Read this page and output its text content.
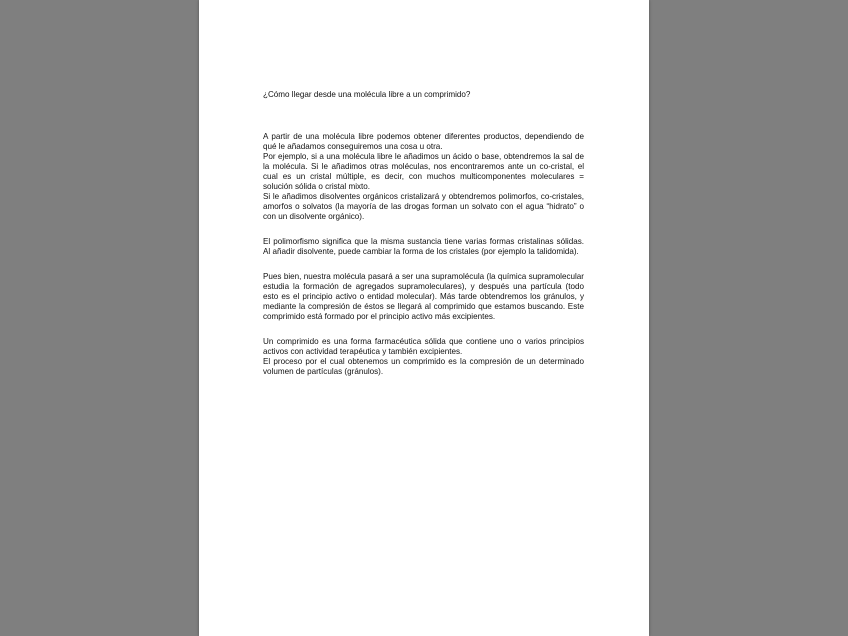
¿Cómo llegar desde una molécula libre a un comprimido?

A partir de una molécula libre podemos obtener diferentes productos, dependiendo de qué le añadamos conseguiremos una cosa u otra.
Por ejemplo, si a una molécula libre le añadimos un ácido o base, obtendremos la sal de la molécula. Si le añadimos otras moléculas, nos encontraremos ante un co-cristal, el cual es un cristal múltiple, es decir, con muchos multicomponentes moleculares = solución sólida o cristal mixto.
Si le añadimos disolventes orgánicos cristalizará y obtendremos polimorfos, co-cristales, amorfos o solvatos (la mayoría de las drogas forman un solvato con el agua “hidrato” o con un disolvente orgánico).
El polimorfismo significa que la misma sustancia tiene varias formas cristalinas sólidas. Al añadir disolvente, puede cambiar la forma de los cristales (por ejemplo la talidomida).
Pues bien, nuestra molécula pasará a ser una supramolécula (la química supramolecular estudia la formación de agregados supramoleculares), y después una partícula (todo esto es el principio activo o entidad molecular). Más tarde obtendremos los gránulos, y mediante la compresión de éstos se llegará al comprimido que estamos buscando. Este comprimido está formado por el principio activo más excipientes.
Un comprimido es una forma farmacéutica sólida que contiene uno o varios principios activos con actividad terapéutica y también excipientes.
El proceso por el cual obtenemos un comprimido es la compresión de un determinado volumen de partículas (gránulos).
